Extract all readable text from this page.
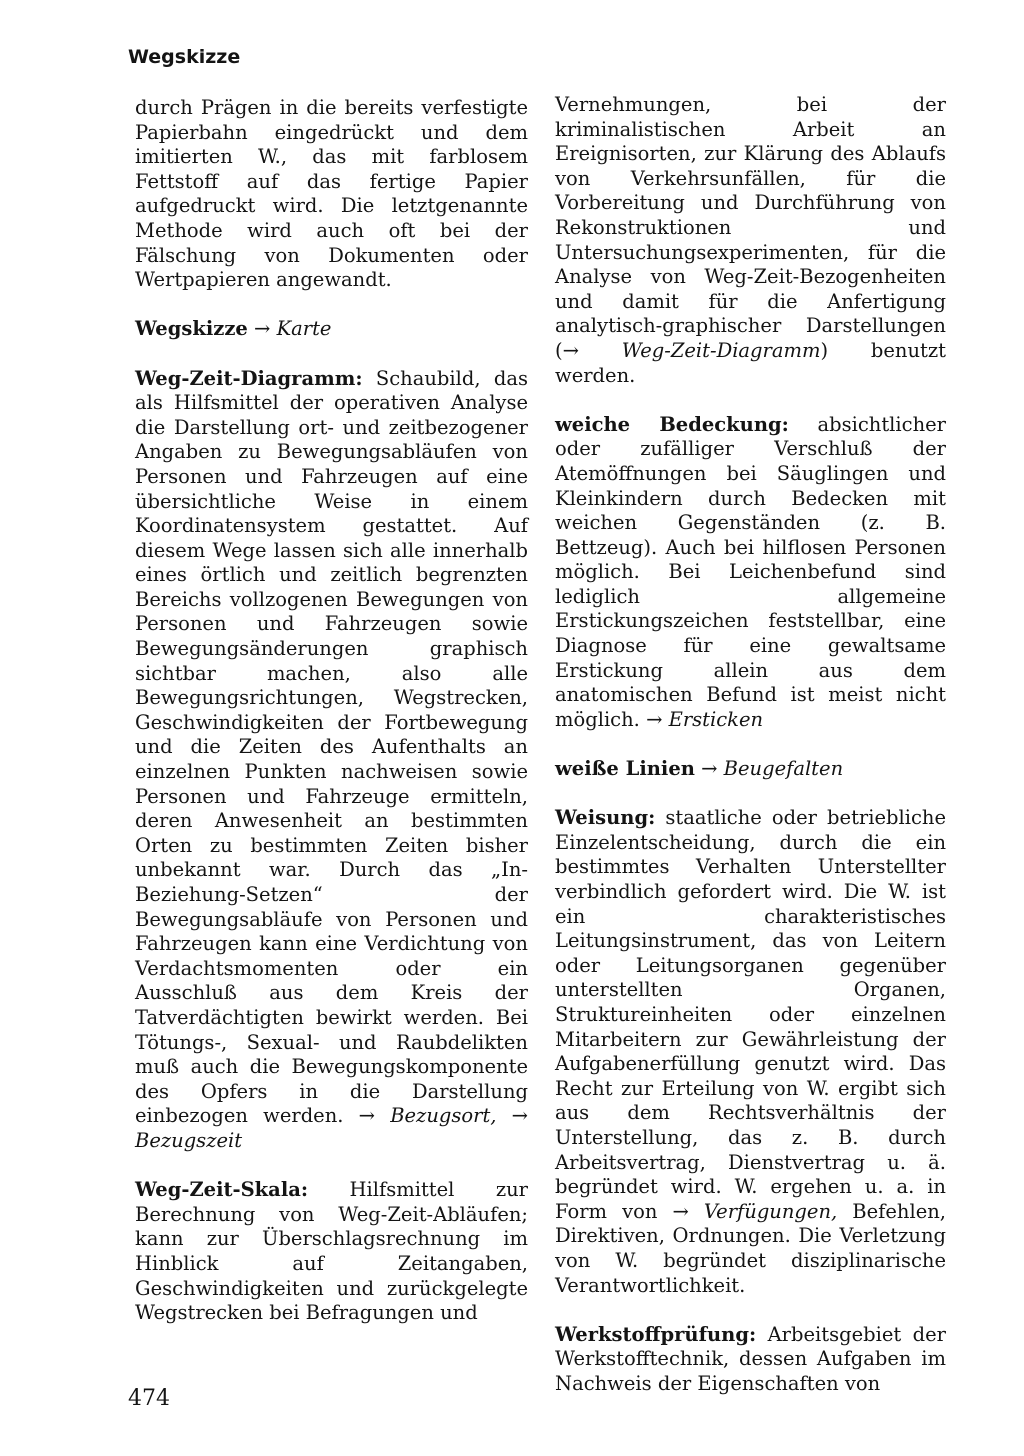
Wegskizze

durch Prägen in die bereits verfestigte Papierbahn eingedrückt und dem imitierten W., das mit farblosem Fettstoff auf das fertige Papier aufgedruckt wird. Die letztgenannte Methode wird auch oft bei der Fälschung von Dokumenten oder Wertpapieren angewandt.

Wegskizze → Karte

Weg-Zeit-Diagramm: Schaubild, das als Hilfsmittel der operativen Analyse die Darstellung ort- und zeitbezogener Angaben zu Bewegungsabläufen von Personen und Fahrzeugen auf eine übersichtliche Weise in einem Koordinatensystem gestattet. Auf diesem Wege lassen sich alle innerhalb eines örtlich und zeitlich begrenzten Bereichs vollzogenen Bewegungen von Personen und Fahrzeugen sowie Bewegungsänderungen graphisch sichtbar machen, also alle Bewegungsrichtungen, Wegstrecken, Geschwindigkeiten der Fortbewegung und die Zeiten des Aufenthalts an einzelnen Punkten nachweisen sowie Personen und Fahrzeuge ermitteln, deren Anwesenheit an bestimmten Orten zu bestimmten Zeiten bisher unbekannt war. Durch das „In-Beziehung-Setzen“ der Bewegungsabläufe von Personen und Fahrzeugen kann eine Verdichtung von Verdachtsmomenten oder ein Ausschluß aus dem Kreis der Tatverdächtigten bewirkt werden. Bei Tötungs-, Sexual- und Raubdelikten muß auch die Bewegungskomponente des Opfers in die Darstellung einbezogen werden. → Bezugsort, → Bezugszeit

Weg-Zeit-Skala: Hilfsmittel zur Berechnung von Weg-Zeit-Abläufen; kann zur Überschlagsrechnung im Hinblick auf Zeitangaben, Geschwindigkeiten und zurückgelegte Wegstrecken bei Befragungen und

Vernehmungen, bei der kriminalistischen Arbeit an Ereignisorten, zur Klärung des Ablaufs von Verkehrsunfällen, für die Vorbereitung und Durchführung von Rekonstruktionen und Untersuchungsexperimenten, für die Analyse von Weg-Zeit-Bezogenheiten und damit für die Anfertigung analytisch-graphischer Darstellungen (→ Weg-Zeit-Diagramm) benutzt werden.

weiche Bedeckung: absichtlicher oder zufälliger Verschluß der Atemöffnungen bei Säuglingen und Kleinkindern durch Bedecken mit weichen Gegenständen (z. B. Bettzeug). Auch bei hilflosen Personen möglich. Bei Leichenbefund sind lediglich allgemeine Erstickungszeichen feststellbar, eine Diagnose für eine gewaltsame Erstickung allein aus dem anatomischen Befund ist meist nicht möglich. → Ersticken

weiße Linien → Beugefalten

Weisung: staatliche oder betriebliche Einzelentscheidung, durch die ein bestimmtes Verhalten Unterstellter verbindlich gefordert wird. Die W. ist ein charakteristisches Leitungsinstrument, das von Leitern oder Leitungsorganen gegenüber unterstellten Organen, Struktureinheiten oder einzelnen Mitarbeitern zur Gewährleistung der Aufgabenerfüllung genutzt wird. Das Recht zur Erteilung von W. ergibt sich aus dem Rechtsverhältnis der Unterstellung, das z. B. durch Arbeitsvertrag, Dienstvertrag u. ä. begründet wird. W. ergehen u. a. in Form von → Verfügungen, Befehlen, Direktiven, Ordnungen. Die Verletzung von W. begründet disziplinarische Verantwortlichkeit.

Werkstoffprüfung: Arbeitsgebiet der Werkstofftechnik, dessen Aufgaben im Nachweis der Eigenschaften von

474
